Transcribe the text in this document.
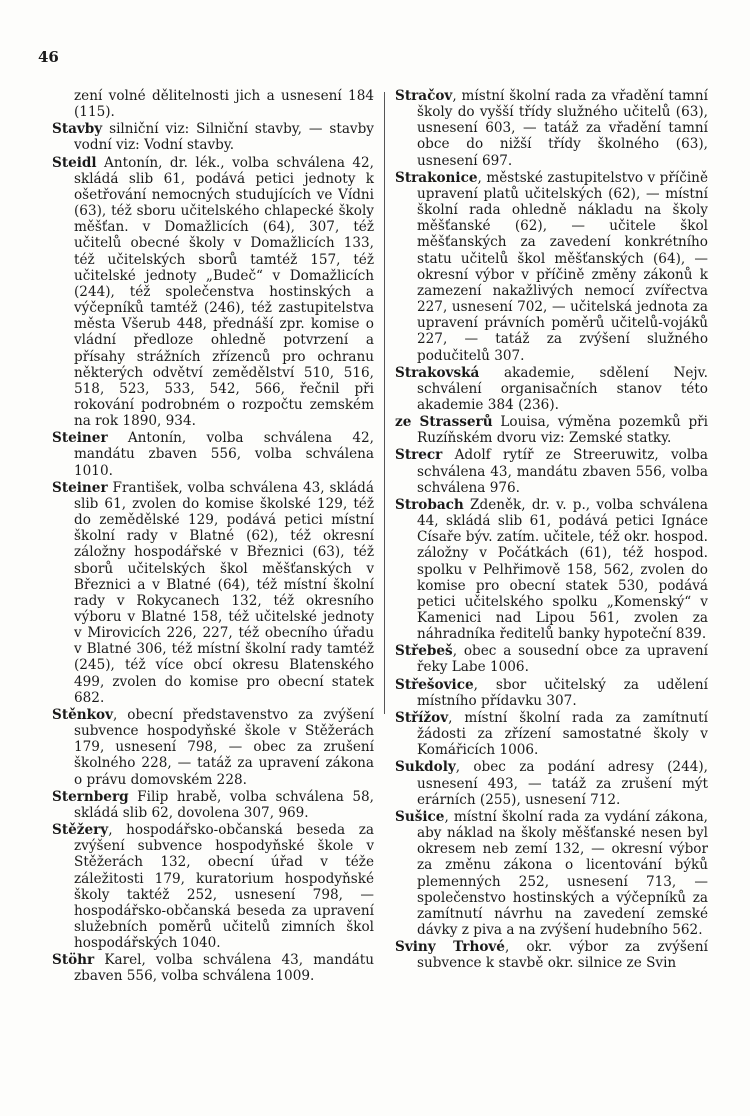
46

zení volné dělitelnosti jich a usnesení 184 (115).

Stavby silniční viz: Silniční stavby, — stavby vodní viz: Vodní stavby.

Steidl Antonín, dr. lék., volba schválena 42, skládá slib 61, podává petici jednoty k ošetřování nemocných studujících ve Vídni (63), též sboru učitelského chlapecké školy měšťan. v Domažlicích (64), 307, též učitelů obecné školy v Domažlicích 133, též učitelských sborů tamtéž 157, též učitelské jednoty „Budeč“ v Domažlicích (244), též společenstva hostinských a výčepníků tamtéž (246), též zastupitelstva města Všerub 448, přednáší zpr. komise o vládní předloze ohledně potvrzení a přísahy strážních zřízenců pro ochranu některých odvětví zemědělství 510, 516, 518, 523, 533, 542, 566, řečnil při rokování podrobném o rozpočtu zemském na rok 1890, 934.

Steiner Antonín, volba schválena 42, mandátu zbaven 556, volba schválena 1010.

Steiner František, volba schválena 43, skládá slib 61, zvolen do komise školské 129, též do zemědělské 129, podává petici místní školní rady v Blatné (62), též okresní záložny hospodářské v Březnici (63), též sborů učitelských škol měšťanských v Březnici a v Blatné (64), též místní školní rady v Rokycanech 132, též okresního výboru v Blatné 158, též učitelské jednoty v Mirovicích 226, 227, též obecního úřadu v Blatné 306, též místní školní rady tamtéž (245), též více obcí okresu Blatenského 499, zvolen do komise pro obecní statek 682.

Stěnkov, obecní představenstvo za zvýšení subvence hospodyňské škole v Stěžerách 179, usnesení 798, — obec za zrušení školného 228, — tatáž za upravení zákona o právu domovském 228.

Sternberg Filip hrabě, volba schválena 58, skládá slib 62, dovolena 307, 969.

Stěžery, hospodářsko-občanská beseda za zvýšení subvence hospodyňské škole v Stěžerách 132, obecní úřad v téže záležitosti 179, kuratorium hospodyňské školy taktéž 252, usnesení 798, — hospodářsko-občanská beseda za upravení služebních poměrů učitelů zimních škol hospodářských 1040.

Stöhr Karel, volba schválena 43, mandátu zbaven 556, volba schválena 1009.

Stračov, místní školní rada za vřadění tamní školy do vyšší třídy služného učitelů (63), usnesení 603, — tatáž za vřadění tamní obce do nižší třídy školného (63), usnesení 697.

Strakonice, městské zastupitelstvo v příčině upravení platů učitelských (62), — místní školní rada ohledně nákladu na školy měšťanské (62), — učitele škol měšťanských za zavedení konkrétního statu učitelů škol měšťanských (64), — okresní výbor v příčině změny zákonů k zamezení nakažlivých nemocí zvířectva 227, usnesení 702, — učitelská jednota za upravení právních poměrů učitelů-vojáků 227, — tatáž za zvýšení služného podučitelů 307.

Strakovská akademie, sdělení Nejv. schválení organisačních stanov této akademie 384 (236).

ze Strasserů Louisa, výměna pozemků při Ruzíňském dvoru viz: Zemské statky.

Strecr Adolf rytíř ze Streeruwitz, volba schválena 43, mandátu zbaven 556, volba schválena 976.

Strobach Zdeněk, dr. v. p., volba schválena 44, skládá slib 61, podává petici Ignáce Císaře býv. zatím. učitele, též okr. hospod. záložny v Počátkách (61), též hospod. spolku v Pelhřimově 158, 562, zvolen do komise pro obecní statek 530, podává petici učitelského spolku „Komenský“ v Kamenici nad Lipou 561, zvolen za náhradníka ředitelů banky hypoteční 839.

Střebeš, obec a sousední obce za upravení řeky Labe 1006.

Střešovice, sbor učitelský za udělení místního přídavku 307.

Střížov, místní školní rada za zamítnutí žádosti za zřízení samostatné školy v Komářicích 1006.

Sukdoly, obec za podání adresy (244), usnesení 493, — tatáž za zrušení mýt erárních (255), usnesení 712.

Sušice, místní školní rada za vydání zákona, aby náklad na školy měšťanské nesen byl okresem neb zemí 132, — okresní výbor za změnu zákona o licentování býků plemenných 252, usnesení 713, — společenstvo hostinských a výčepníků za zamítnutí návrhu na zavedení zemské dávky z piva a na zvýšení hudebního 562.

Sviny Trhové, okr. výbor za zvýšení subvence k stavbě okr. silnice ze Svin
